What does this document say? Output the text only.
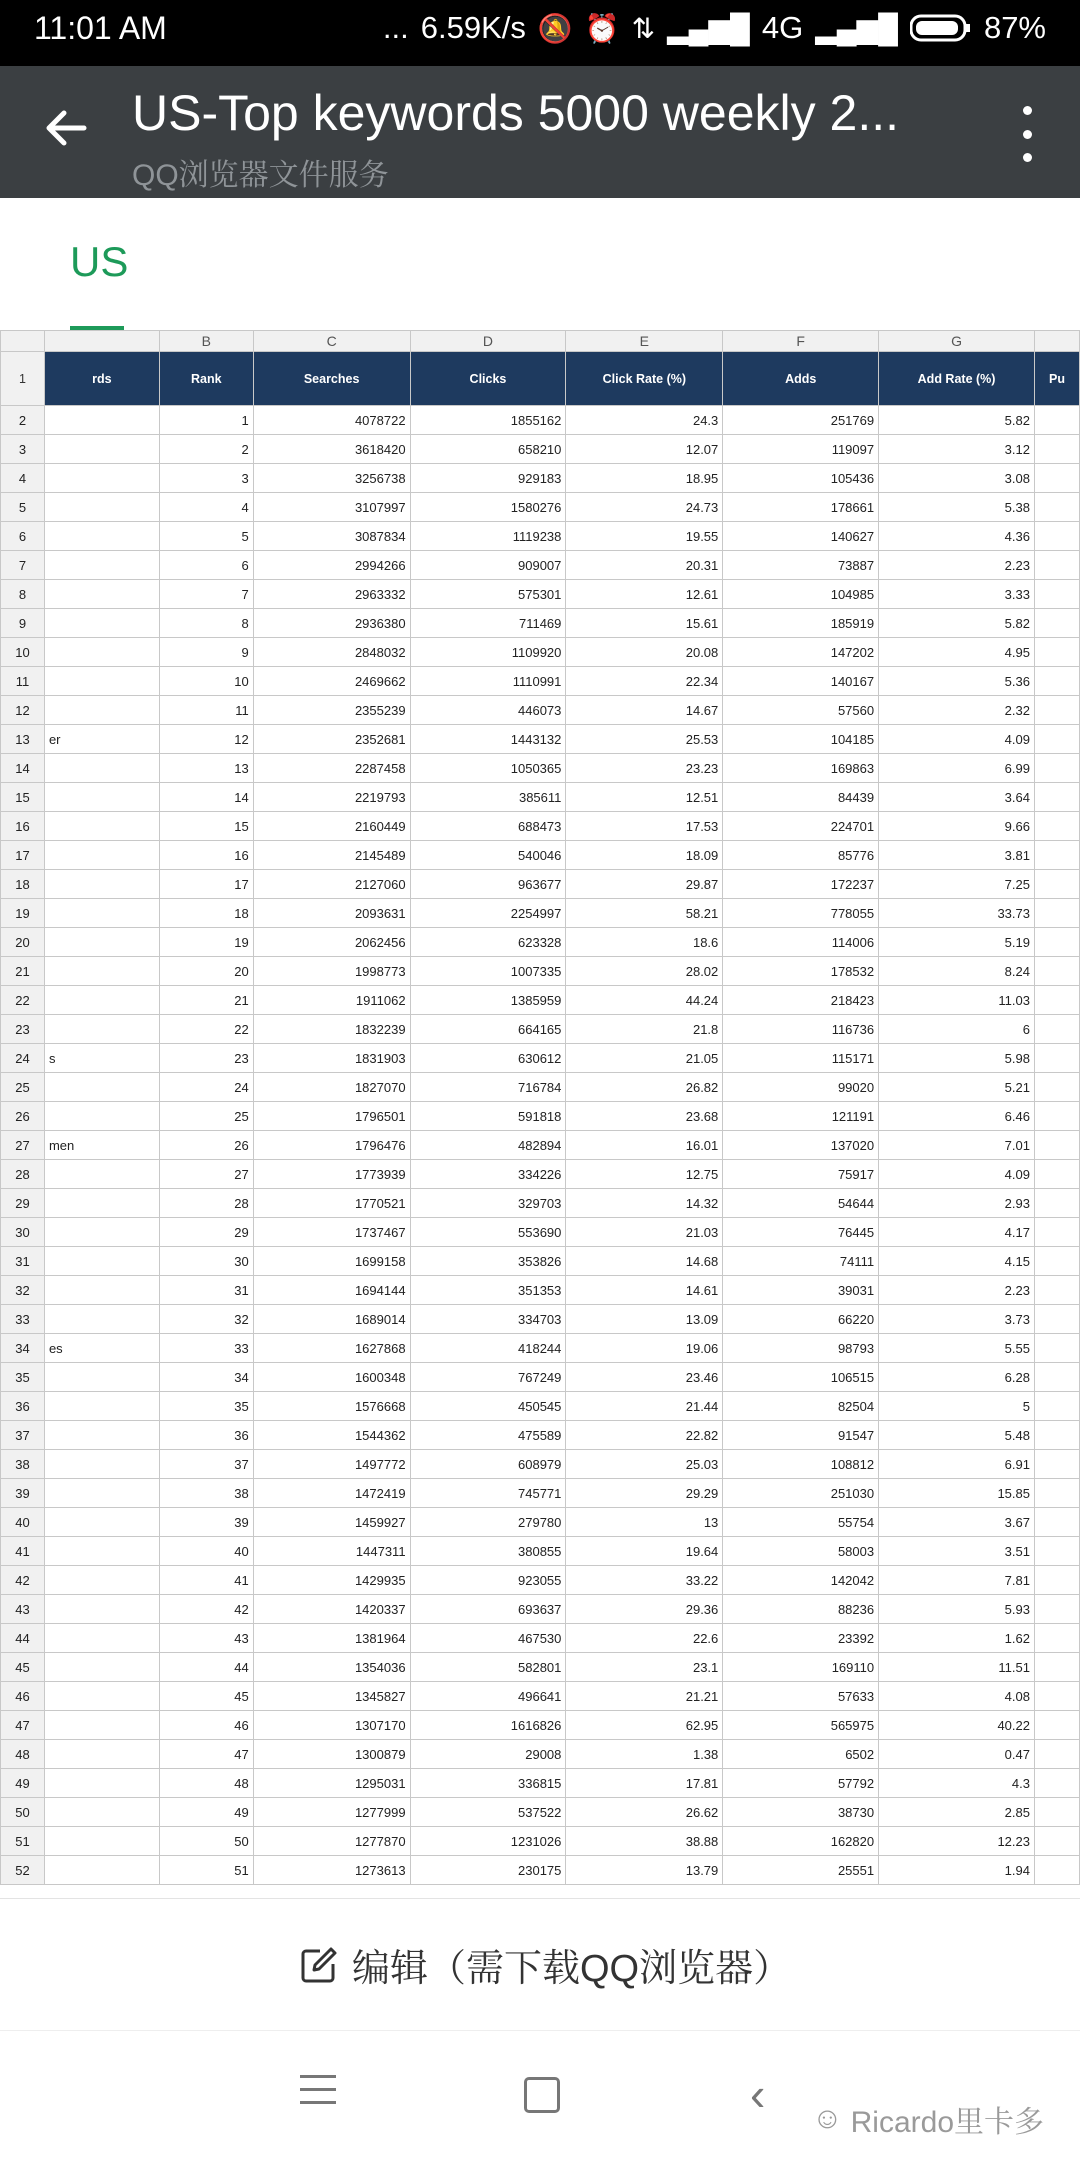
11:01 AM	... 6.59K/s 🔕 ⏰ ⇅ ▂▄▆█ 4G ▂▄▆█	87%
US-Top keywords 5000 weekly 2...
QQ浏览器文件服务
US
		B	C	D	E	F	G	
1	rds	Rank	Searches	Clicks	Click Rate (%)	Adds	Add Rate (%)	Pu
2		1	4078722	1855162	24.3	251769	5.82	
3		2	3618420	658210	12.07	119097	3.12	
4		3	3256738	929183	18.95	105436	3.08	
5		4	3107997	1580276	24.73	178661	5.38	
6		5	3087834	1119238	19.55	140627	4.36	
7		6	2994266	909007	20.31	73887	2.23	
8		7	2963332	575301	12.61	104985	3.33	
9		8	2936380	711469	15.61	185919	5.82	
10		9	2848032	1109920	20.08	147202	4.95	
11		10	2469662	1110991	22.34	140167	5.36	
12		11	2355239	446073	14.67	57560	2.32	
13	er	12	2352681	1443132	25.53	104185	4.09	
14		13	2287458	1050365	23.23	169863	6.99	
15		14	2219793	385611	12.51	84439	3.64	
16		15	2160449	688473	17.53	224701	9.66	
17		16	2145489	540046	18.09	85776	3.81	
18		17	2127060	963677	29.87	172237	7.25	
19		18	2093631	2254997	58.21	778055	33.73	
20		19	2062456	623328	18.6	114006	5.19	
21		20	1998773	1007335	28.02	178532	8.24	
22		21	1911062	1385959	44.24	218423	11.03	
23		22	1832239	664165	21.8	116736	6	
24	s	23	1831903	630612	21.05	115171	5.98	
25		24	1827070	716784	26.82	99020	5.21	
26		25	1796501	591818	23.68	121191	6.46	
27	men	26	1796476	482894	16.01	137020	7.01	
28		27	1773939	334226	12.75	75917	4.09	
29		28	1770521	329703	14.32	54644	2.93	
30		29	1737467	553690	21.03	76445	4.17	
31		30	1699158	353826	14.68	74111	4.15	
32		31	1694144	351353	14.61	39031	2.23	
33		32	1689014	334703	13.09	66220	3.73	
34	es	33	1627868	418244	19.06	98793	5.55	
35		34	1600348	767249	23.46	106515	6.28	
36		35	1576668	450545	21.44	82504	5	
37		36	1544362	475589	22.82	91547	5.48	
38		37	1497772	608979	25.03	108812	6.91	
39		38	1472419	745771	29.29	251030	15.85	
40		39	1459927	279780	13	55754	3.67	
41		40	1447311	380855	19.64	58003	3.51	
42		41	1429935	923055	33.22	142042	7.81	
43		42	1420337	693637	29.36	88236	5.93	
44		43	1381964	467530	22.6	23392	1.62	
45		44	1354036	582801	23.1	169110	11.51	
46		45	1345827	496641	21.21	57633	4.08	
47		46	1307170	1616826	62.95	565975	40.22	
48		47	1300879	29008	1.38	6502	0.47	
49		48	1295031	336815	17.81	57792	4.3	
50		49	1277999	537522	26.62	38730	2.85	
51		50	1277870	1231026	38.88	162820	12.23	
52		51	1273613	230175	13.79	25551	1.94	
编辑（需下载QQ浏览器）
‹ ☺ Ricardo里卡多
